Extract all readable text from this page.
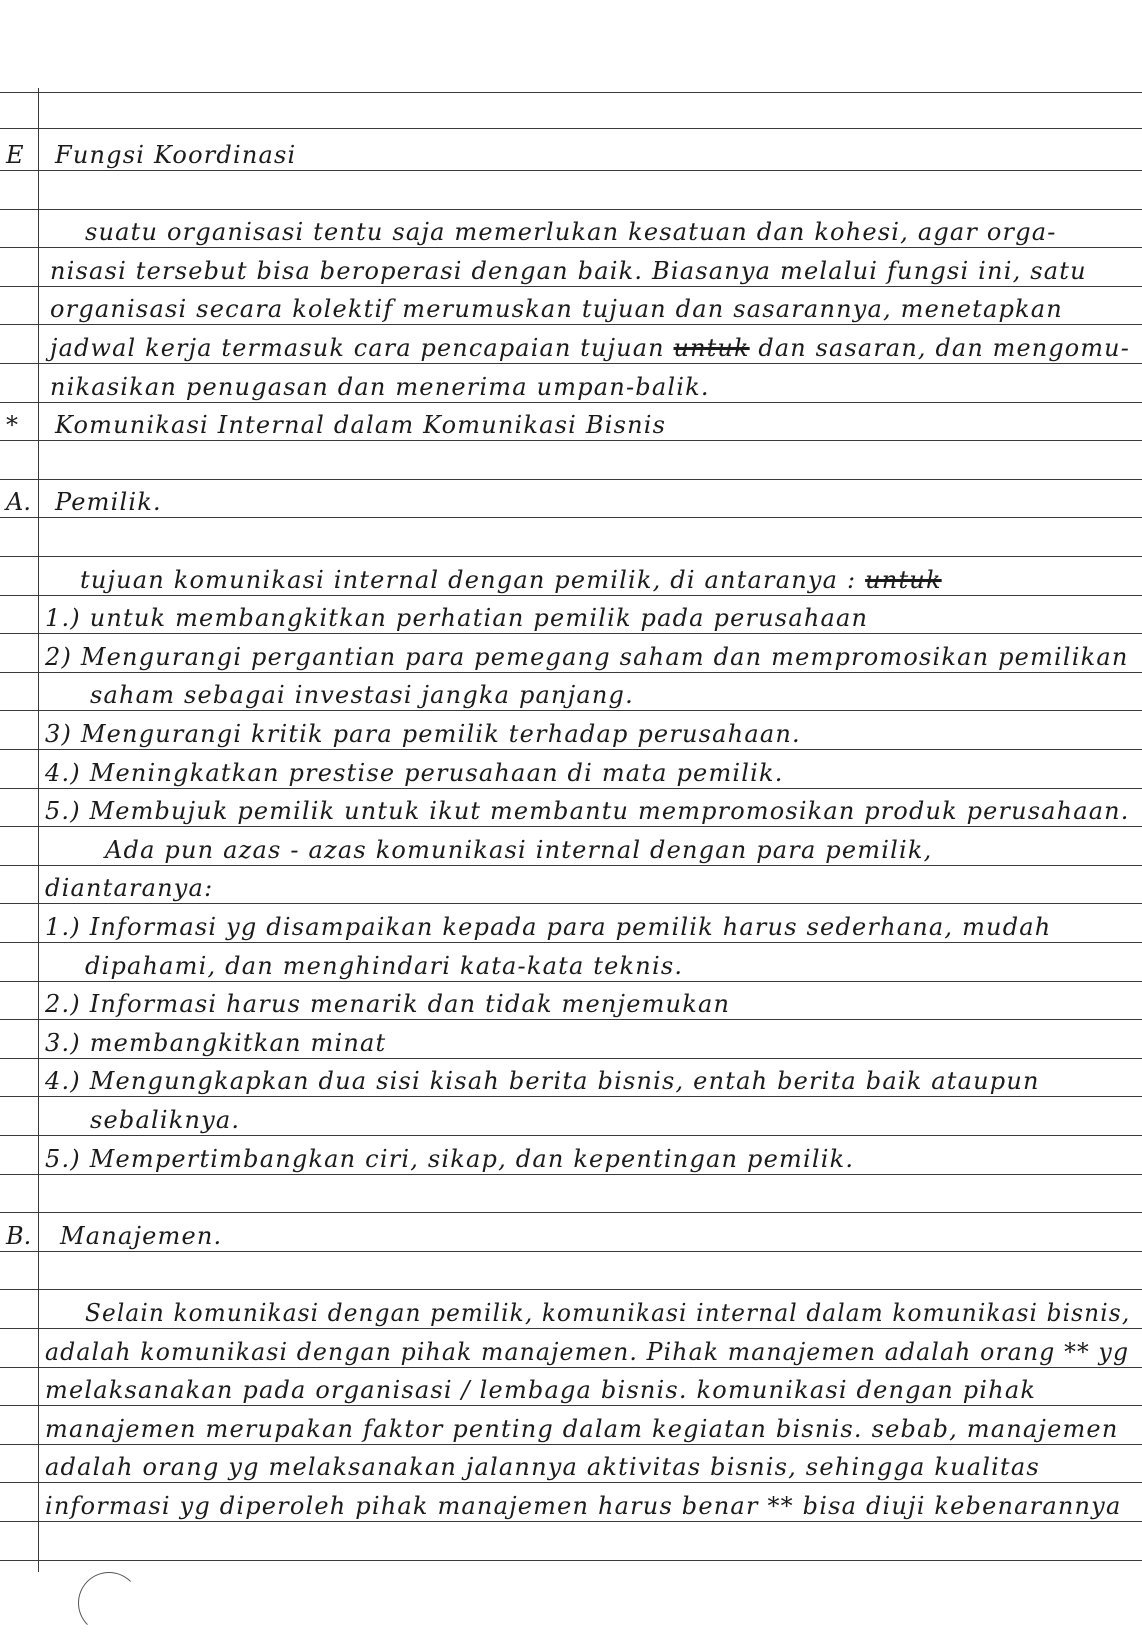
Fungsi Koordinasi
suatu organisasi tentu saja memerlukan kesatuan dan kohesi, agar orga-
nisasi tersebut bisa beroperasi dengan baik. Biasanya melalui fungsi ini, satu
organisasi secara kolektif merumuskan tujuan dan sasarannya, menetapkan
jadwal kerja termasuk cara pencapaian tujuan untuk dan sasaran, dan mengomu-
nikasikan penugasan dan menerima umpan-balik.
Komunikasi Internal dalam Komunikasi Bisnis
Pemilik.
tujuan komunikasi internal dengan pemilik, di antaranya : untuk
1.) untuk membangkitkan perhatian pemilik pada perusahaan
2) Mengurangi pergantian para pemegang saham dan mempromosikan pemilikan
saham sebagai investasi jangka panjang.
3) Mengurangi kritik para pemilik terhadap perusahaan.
4.) Meningkatkan prestise perusahaan di mata pemilik.
5.) Membujuk pemilik untuk ikut membantu mempromosikan produk perusahaan.
Ada pun azas - azas komunikasi internal dengan para pemilik,
diantaranya:
1.) Informasi yg disampaikan kepada para pemilik harus sederhana, mudah
dipahami, dan menghindari kata-kata teknis.
2.) Informasi harus menarik dan tidak menjemukan
3.) membangkitkan minat
4.) Mengungkapkan dua sisi kisah berita bisnis, entah berita baik ataupun
sebaliknya.
5.) Mempertimbangkan ciri, sikap, dan kepentingan pemilik.
Manajemen.
Selain komunikasi dengan pemilik, komunikasi internal dalam komunikasi bisnis,
adalah komunikasi dengan pihak manajemen. Pihak manajemen adalah orang ** yg
melaksanakan pada organisasi / lembaga bisnis. komunikasi dengan pihak
manajemen merupakan faktor penting dalam kegiatan bisnis. sebab, manajemen
adalah orang yg melaksanakan jalannya aktivitas bisnis, sehingga kualitas
informasi yg diperoleh pihak manajemen harus benar ** bisa diuji kebenarannya
E
*
A.
B.
